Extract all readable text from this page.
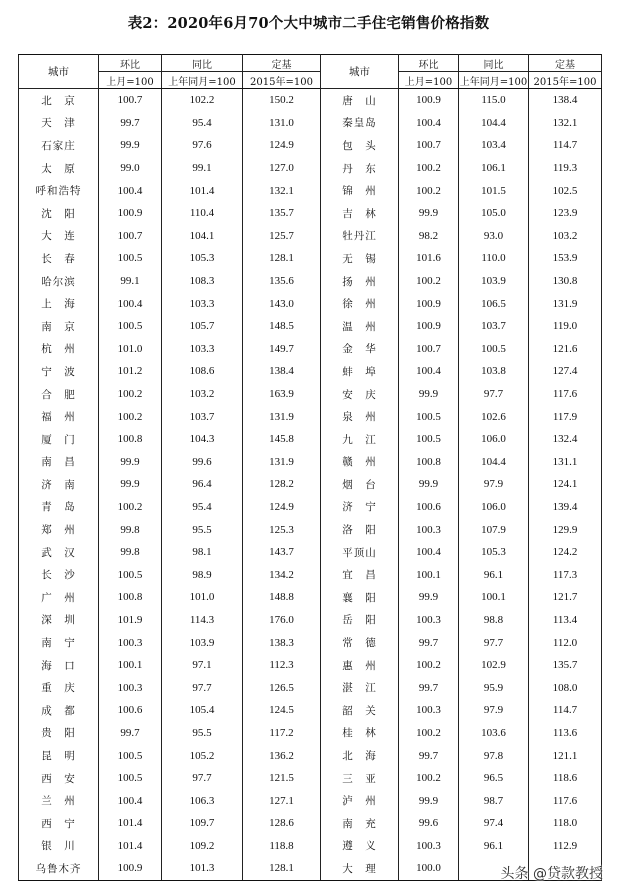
表2：2020年6月70个大中城市二手住宅销售价格指数
城市	环比	同比	定基	城市	环比	同比	定基
	上月=100	上年同月=100	2015年=100		上月=100	上年同月=100	2015年=100
北　京	100.7	102.2	150.2	唐　山	100.9	115.0	138.4
天　津	99.7	95.4	131.0	秦皇岛	100.4	104.4	132.1
石家庄	99.9	97.6	124.9	包　头	100.7	103.4	114.7
太　原	99.0	99.1	127.0	丹　东	100.2	106.1	119.3
呼和浩特	100.4	101.4	132.1	锦　州	100.2	101.5	102.5
沈　阳	100.9	110.4	135.7	吉　林	99.9	105.0	123.9
大　连	100.7	104.1	125.7	牡丹江	98.2	93.0	103.2
长　春	100.5	105.3	128.1	无　锡	101.6	110.0	153.9
哈尔滨	99.1	108.3	135.6	扬　州	100.2	103.9	130.8
上　海	100.4	103.3	143.0	徐　州	100.9	106.5	131.9
南　京	100.5	105.7	148.5	温　州	100.9	103.7	119.0
杭　州	101.0	103.3	149.7	金　华	100.7	100.5	121.6
宁　波	101.2	108.6	138.4	蚌　埠	100.4	103.8	127.4
合　肥	100.2	103.2	163.9	安　庆	99.9	97.7	117.6
福　州	100.2	103.7	131.9	泉　州	100.5	102.6	117.9
厦　门	100.8	104.3	145.8	九　江	100.5	106.0	132.4
南　昌	99.9	99.6	131.9	赣　州	100.8	104.4	131.1
济　南	99.9	96.4	128.2	烟　台	99.9	97.9	124.1
青　岛	100.2	95.4	124.9	济　宁	100.6	106.0	139.4
郑　州	99.8	95.5	125.3	洛　阳	100.3	107.9	129.9
武　汉	99.8	98.1	143.7	平顶山	100.4	105.3	124.2
长　沙	100.5	98.9	134.2	宜　昌	100.1	96.1	117.3
广　州	100.8	101.0	148.8	襄　阳	99.9	100.1	121.7
深　圳	101.9	114.3	176.0	岳　阳	100.3	98.8	113.4
南　宁	100.3	103.9	138.3	常　德	99.7	97.7	112.0
海　口	100.1	97.1	112.3	惠　州	100.2	102.9	135.7
重　庆	100.3	97.7	126.5	湛　江	99.7	95.9	108.0
成　都	100.6	105.4	124.5	韶　关	100.3	97.9	114.7
贵　阳	99.7	95.5	117.2	桂　林	100.2	103.6	113.6
昆　明	100.5	105.2	136.2	北　海	99.7	97.8	121.1
西　安	100.5	97.7	121.5	三　亚	100.2	96.5	118.6
兰　州	100.4	106.3	127.1	泸　州	99.9	98.7	117.6
西　宁	101.4	109.7	128.6	南　充	99.6	97.4	118.0
银　川	101.4	109.2	118.8	遵　义	100.3	96.1	112.9
乌鲁木齐	100.9	101.3	128.1	大　理	100.0			头条 @贷款教授
